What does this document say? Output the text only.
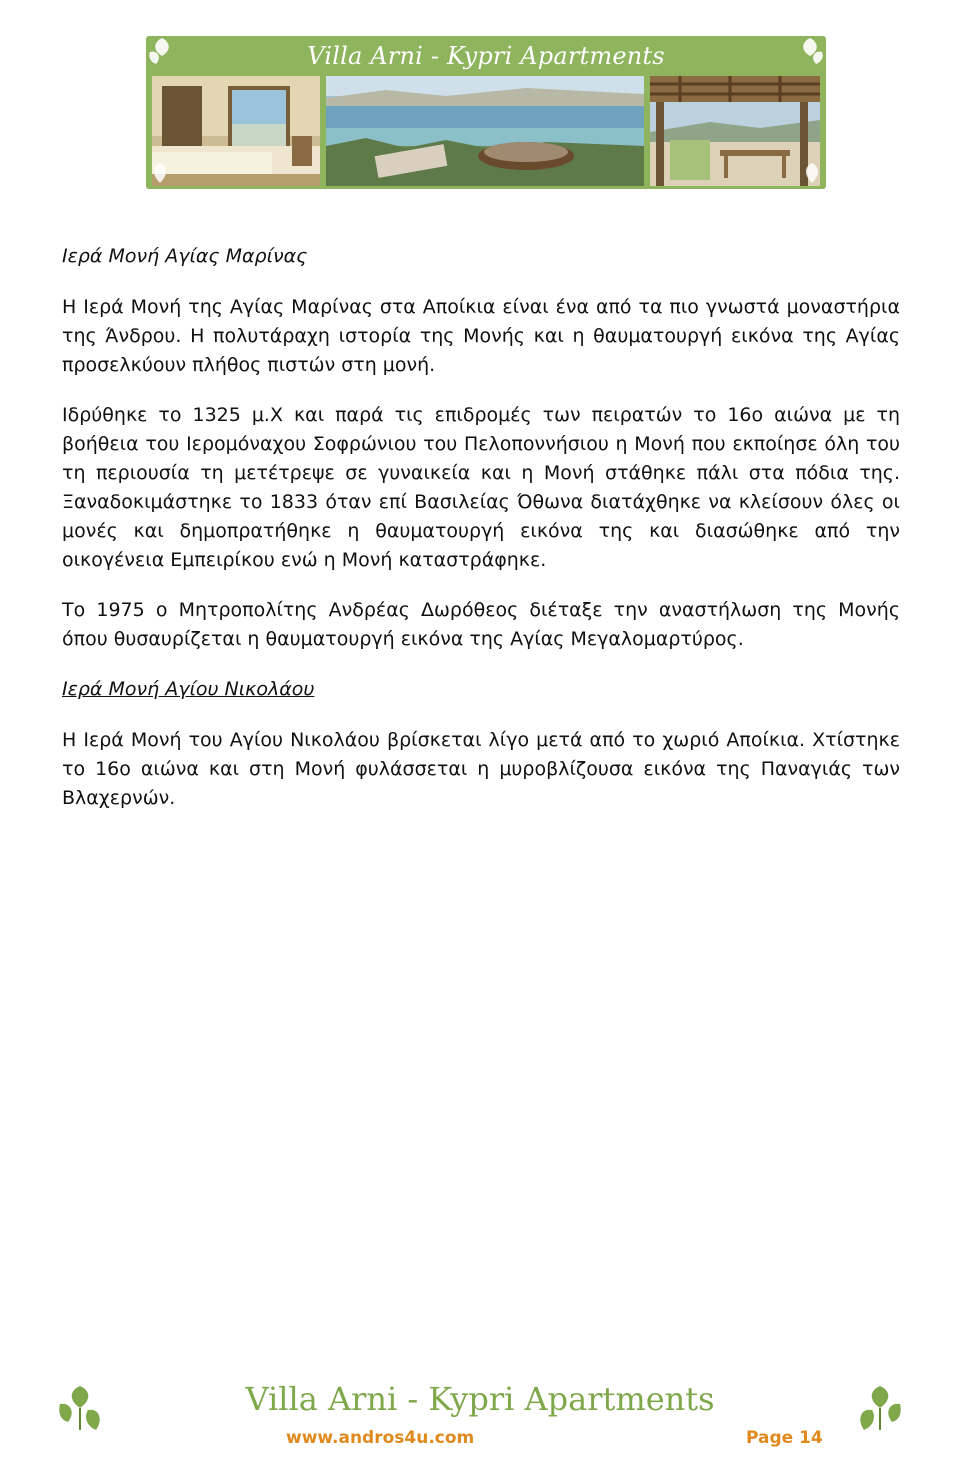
Villa Arni - Kypri Apartments

Ιερά Μονή Αγίας Μαρίνας

Η Ιερά Μονή της Αγίας Μαρίνας στα Αποίκια είναι ένα από τα πιο γνωστά μοναστήρια της Άνδρου. Η πολυτάραχη ιστορία της Μονής και η θαυματουργή εικόνα της Αγίας προσελκύουν πλήθος πιστών στη μονή.

Ιδρύθηκε το 1325 μ.Χ και παρά τις επιδρομές των πειρατών το 16ο αιώνα με τη βοήθεια του Ιερομόναχου Σοφρώνιου του Πελοποννήσιου η Μονή που εκποίησε όλη του τη περιουσία τη μετέτρεψε σε γυναικεία και η Μονή στάθηκε πάλι στα πόδια της. Ξαναδοκιμάστηκε το 1833 όταν επί Βασιλείας Όθωνα διατάχθηκε να κλείσουν όλες οι μονές και δημοπρατήθηκε η θαυματουργή εικόνα της και διασώθηκε από την οικογένεια Εμπειρίκου ενώ η Μονή καταστράφηκε.

Το 1975 ο Μητροπολίτης Ανδρέας Δωρόθεος διέταξε την αναστήλωση της Μονής όπου θυσαυρίζεται η θαυματουργή εικόνα της Αγίας Μεγαλομαρτύρος.

Ιερά Μονή Αγίου Νικολάου

Η Ιερά Μονή του Αγίου Νικολάου βρίσκεται λίγο μετά από το χωριό Αποίκια. Χτίστηκε το 16ο αιώνα και στη Μονή φυλάσσεται η μυροβλίζουσα εικόνα της Παναγιάς των Βλαχερνών.

Villa Arni - Kypri Apartments
www.andros4u.com	Page 14
